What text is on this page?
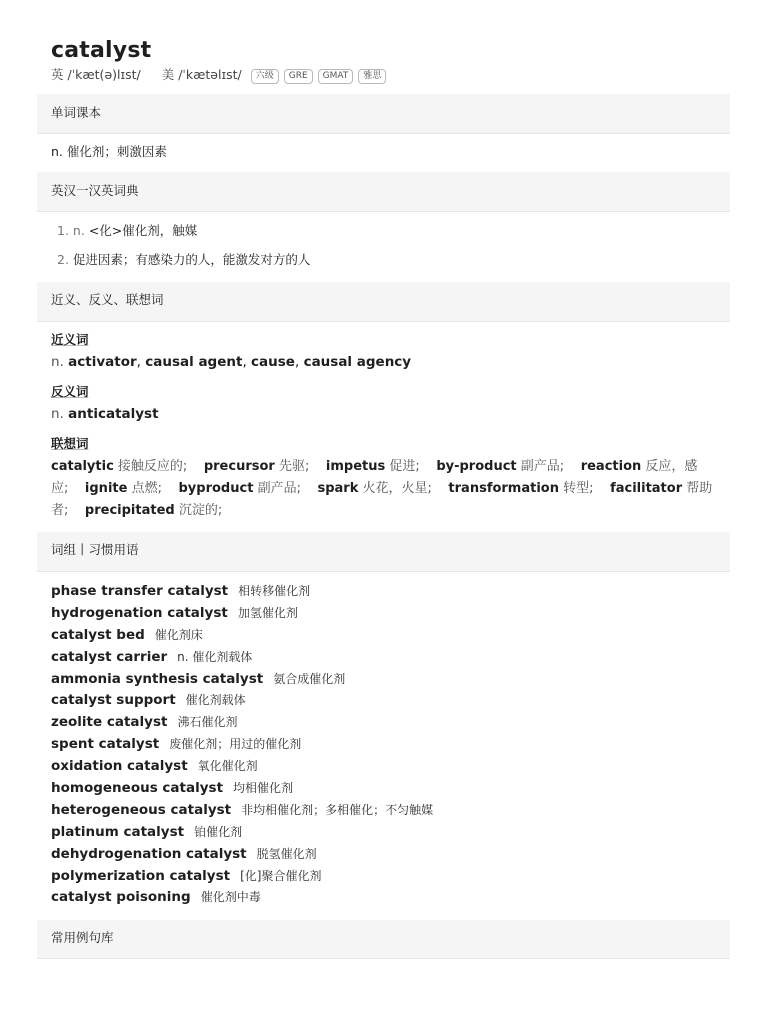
catalyst
英 /ˈkæt(ə)lɪst/ 美 /ˈkætəlɪst/ 六级 GRE GMAT 雅思
单词课本
n. 催化剂；刺激因素
英汉一汉英词典
1. n. <化>催化剂，触媒
2. 促进因素；有感染力的人，能激发对方的人
近义、反义、联想词
近义词
n. activator, causal agent, cause, causal agency
反义词
n. anticatalyst
联想词
catalytic 接触反应的; precursor 先驱; impetus 促进; by-product 副产品; reaction 反应，感应; ignite 点燃; byproduct 副产品; spark 火花，火星; transformation 转型; facilitator 帮助者; precipitated 沉淀的;
词组丨习惯用语
phase transfer catalyst 相转移催化剂
hydrogenation catalyst 加氢催化剂
catalyst bed 催化剂床
catalyst carrier n. 催化剂载体
ammonia synthesis catalyst 氨合成催化剂
catalyst support 催化剂载体
zeolite catalyst 沸石催化剂
spent catalyst 废催化剂；用过的催化剂
oxidation catalyst 氧化催化剂
homogeneous catalyst 均相催化剂
heterogeneous catalyst 非均相催化剂；多相催化；不匀触媒
platinum catalyst 铂催化剂
dehydrogenation catalyst 脱氢催化剂
polymerization catalyst [化]聚合催化剂
catalyst poisoning 催化剂中毒
常用例句库
